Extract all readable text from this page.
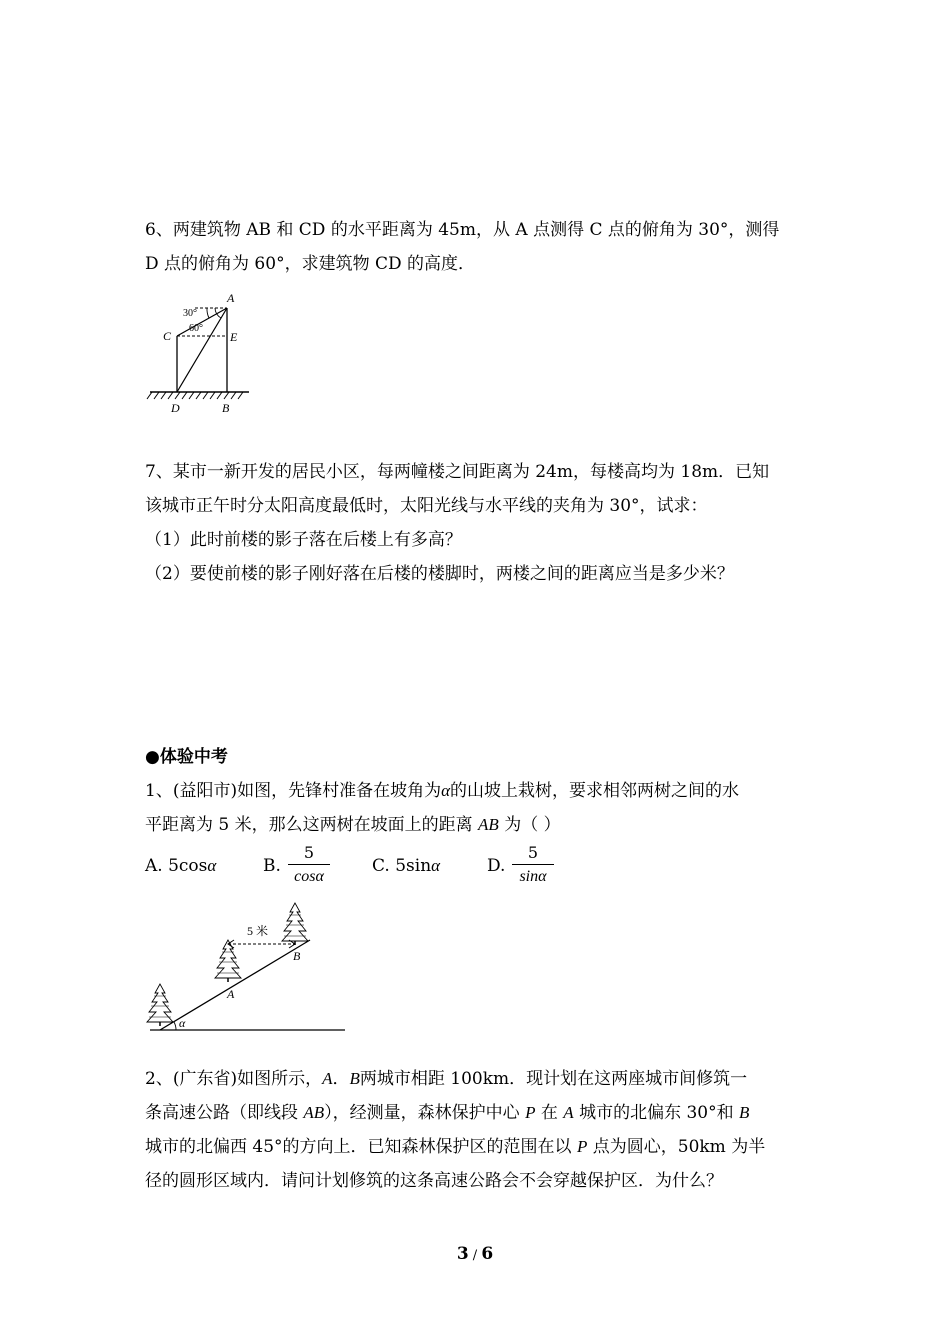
6、两建筑物 AB 和 CD 的水平距离为 45m，从 A 点测得 C 点的俯角为 30°，测得
D 点的俯角为 60°，求建筑物 CD 的高度．
30°
60°
A
C	E
D	B
7、某市一新开发的居民小区，每两幢楼之间距离为 24m，每楼高均为 18m．已知
该城市正午时分太阳高度最低时，太阳光线与水平线的夹角为 30°，试求：
（1）此时前楼的影子落在后楼上有多高？
（2）要使前楼的影子刚好落在后楼的楼脚时，两楼之间的距离应当是多少米？
●体验中考
1、(益阳市)如图，先锋村准备在坡角为α的山坡上栽树，要求相邻两树之间的水
平距离为 5 米，那么这两树在坡面上的距离 AB 为（ ）
A. 5cosα	B.
5
cosα
C. 5sinα	D.
5
sinα
α
5 米
A
B
2、(广东省)如图所示，A．B两城市相距 100km．现计划在这两座城市间修筑一
条高速公路（即线段 AB），经测量，森林保护中心 P 在 A 城市的北偏东 30°和 B
城市的北偏西 45°的方向上．已知森林保护区的范围在以 P 点为圆心，50km 为半
径的圆形区域内．请问计划修筑的这条高速公路会不会穿越保护区．为什么？
3 / 6
